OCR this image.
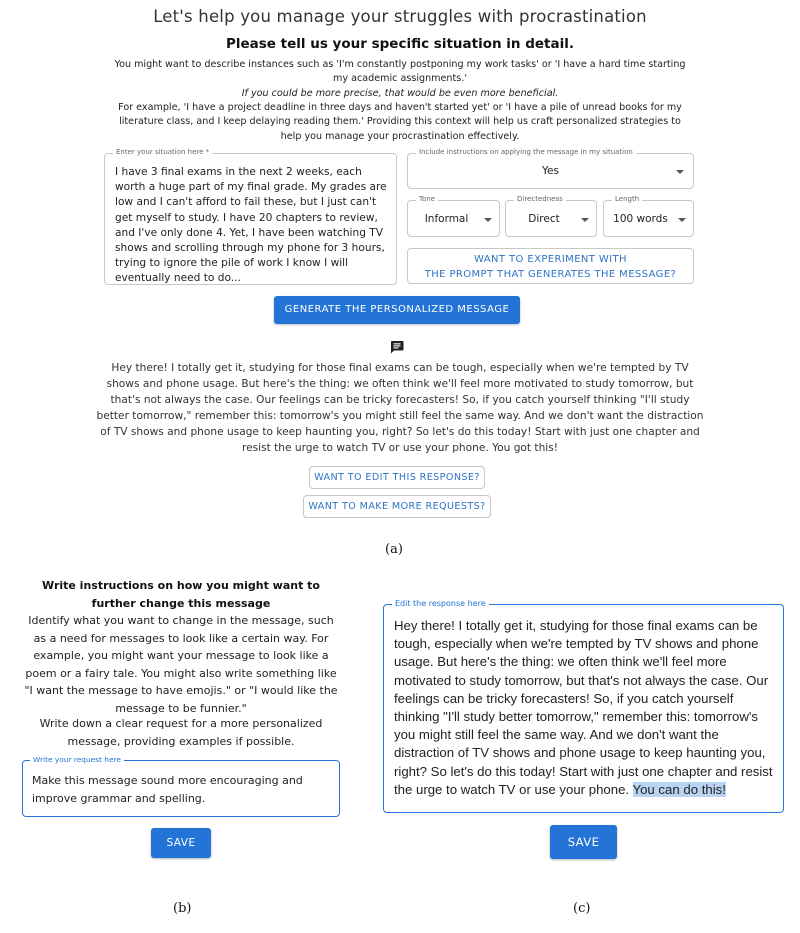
Let's help you manage your struggles with procrastination
Please tell us your specific situation in detail.
You might want to describe instances such as 'I'm constantly postponing my work tasks' or 'I have a hard time starting my academic assignments.'
If you could be more precise, that would be even more beneficial.
For example, 'I have a project deadline in three days and haven't started yet' or 'I have a pile of unread books for my literature class, and I keep delaying reading them.' Providing this context will help us craft personalized strategies to help you manage your procrastination effectively.
Enter your situation here *
I have 3 final exams in the next 2 weeks, each worth a huge part of my final grade. My grades are low and I can't afford to fail these, but I just can't get myself to study. I have 20 chapters to review, and I've only done 4. Yet, I have been watching TV shows and scrolling through my phone for 3 hours, trying to ignore the pile of work I know I will eventually need to do...
Include instructions on applying the message in my situation
Yes
Tone
Informal
Directedness
Direct
Length
100 words
WANT TO EXPERIMENT WITH
THE PROMPT THAT GENERATES THE MESSAGE?
GENERATE THE PERSONALIZED MESSAGE
Hey there! I totally get it, studying for those final exams can be tough, especially when we're tempted by TV shows and phone usage. But here's the thing: we often think we'll feel more motivated to study tomorrow, but that's not always the case. Our feelings can be tricky forecasters! So, if you catch yourself thinking "I'll study better tomorrow," remember this: tomorrow's you might still feel the same way. And we don't want the distraction of TV shows and phone usage to keep haunting you, right? So let's do this today! Start with just one chapter and resist the urge to watch TV or use your phone. You got this!
WANT TO EDIT THIS RESPONSE?
WANT TO MAKE MORE REQUESTS?
(a)
Write instructions on how you might want to further change this message
Identify what you want to change in the message, such as a need for messages to look like a certain way. For example, you might want your message to look like a poem or a fairy tale. You might also write something like "I want the message to have emojis." or "I would like the message to be funnier."
Write down a clear request for a more personalized message, providing examples if possible.
Write your request here
Make this message sound more encouraging and improve grammar and spelling.
SAVE
(b)
Edit the response here
Hey there! I totally get it, studying for those final exams can be tough, especially when we're tempted by TV shows and phone usage. But here's the thing: we often think we'll feel more motivated to study tomorrow, but that's not always the case. Our feelings can be tricky forecasters! So, if you catch yourself thinking "I'll study better tomorrow," remember this: tomorrow's you might still feel the same way. And we don't want the distraction of TV shows and phone usage to keep haunting you, right? So let's do this today! Start with just one chapter and resist the urge to watch TV or use your phone. You can do this!
SAVE
(c)
